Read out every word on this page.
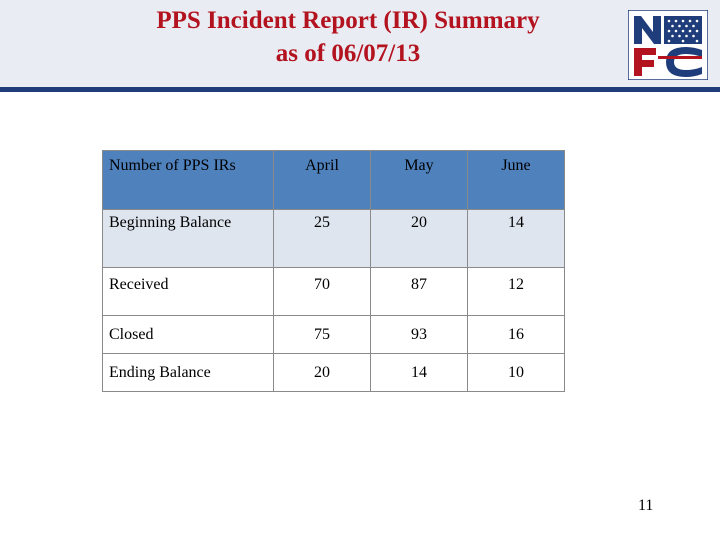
PPS Incident Report (IR) Summary
as of 06/07/13
Number of PPS IRs	April	May	June
Beginning Balance	25	20	14
Received	70	87	12
Closed	75	93	16
Ending Balance	20	14	10
11
